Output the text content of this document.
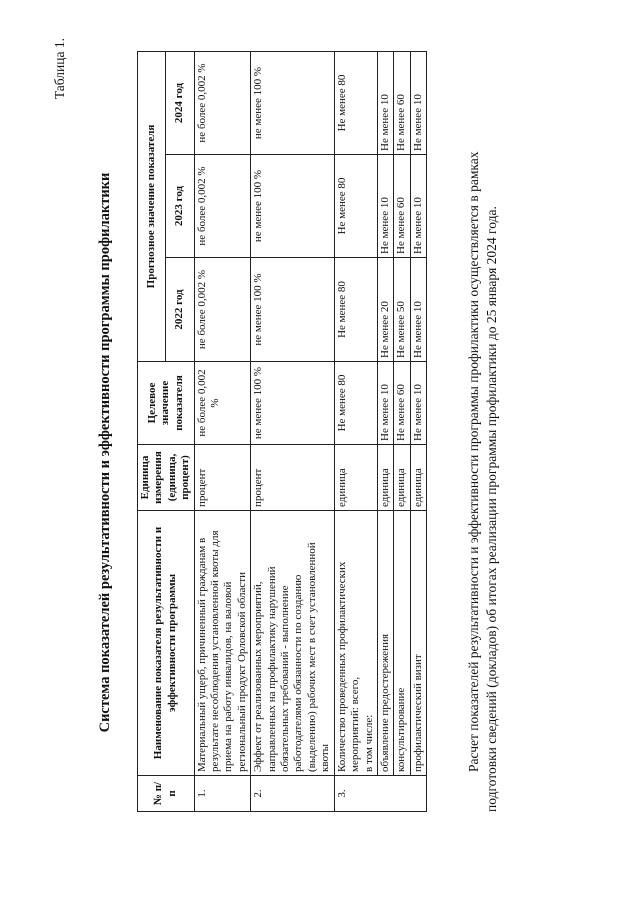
Таблица 1.
Система показателей результативности и эффективности программы профилактики
№ п/п	Наименование показателя результативности и эффективности программы	Единица измерения (единица, процент)	Целевое значение показателя	Прогнозное значение показателя		
				2022 год	2023 год	2024 год
1.	Материальный ущерб, причиненный гражданам в результате несоблюдения установленной квоты для приема на работу инвалидов, на валовой региональный продукт Орловской области	процент	не более 0,002 %	не более 0,002 %	не более 0,002 %	не более 0,002 %
2.	Эффект от реализованных мероприятий, направленных на профилактику нарушений обязательных требований - выполнение работодателями обязанности по созданию (выделению) рабочих мест в счет установленной квоты	процент	не менее 100 %	не менее 100 %	не менее 100 %	не менее 100 %
3.	Количество проведенных профилактических мероприятий: всего, в том числе:	единица	Не менее 80	Не менее 80	Не менее 80	Не менее 80
	объявление предостережения	единица	Не менее 10	Не менее 20	Не менее 10	Не менее 10
	консультирование	единица	Не менее 60	Не менее 50	Не менее 60	Не менее 60
	профилактический визит	единица	Не менее 10	Не менее 10	Не менее 10	Не менее 10
Расчет показателей результативности и эффективности программы профилактики осуществляется в рамках подготовки сведений (докладов) об итогах реализации программы профилактики до 25 января 2024 года.
